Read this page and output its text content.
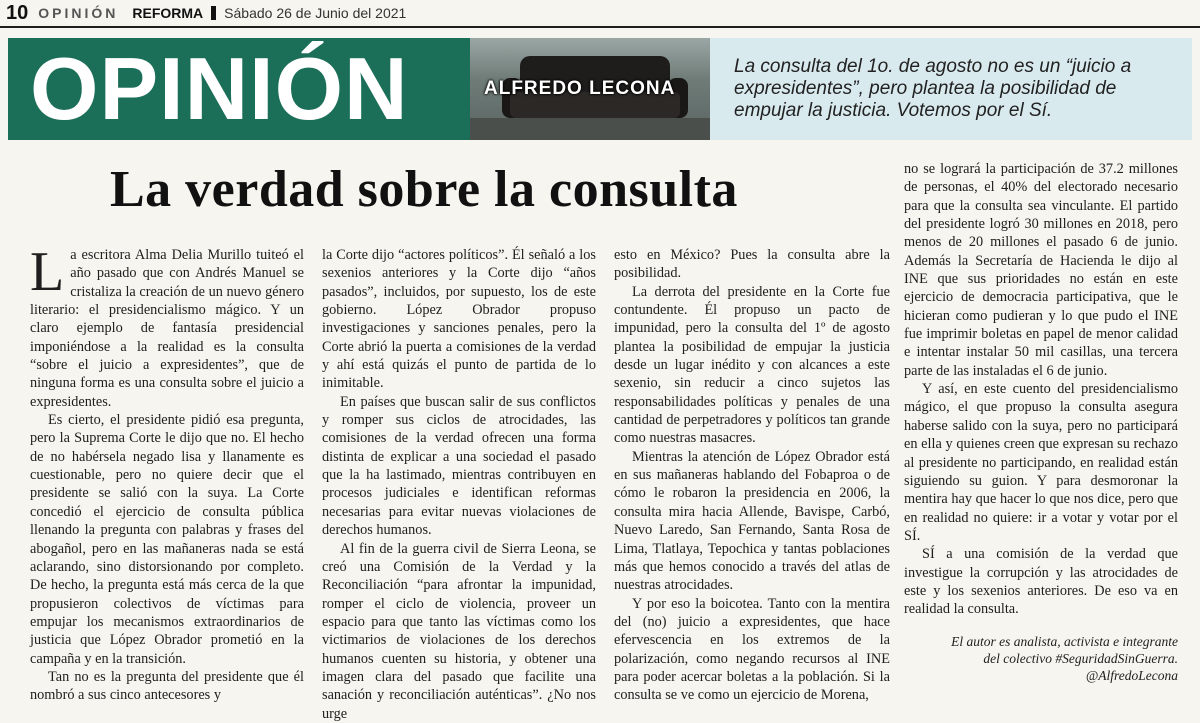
10 OPINIÓN REFORMA Sábado 26 de Junio del 2021
OPINIÓN	ALFREDO LECONA
La consulta del 1o. de agosto no es un “juicio a expresidentes”, pero plantea la posibilidad de empujar la justicia. Votemos por el Sí.
La verdad sobre la consulta

La escritora Alma Delia Murillo tuiteó el año pasado que con Andrés Manuel se cristaliza la creación de un nuevo género literario: el presidencialismo mágico. Y un claro ejemplo de fantasía presidencial imponiéndose a la realidad es la consulta “sobre el juicio a expresidentes”, que de ninguna forma es una consulta sobre el juicio a expresidentes.

Es cierto, el presidente pidió esa pregunta, pero la Suprema Corte le dijo que no. El hecho de no habérsela negado lisa y llanamente es cuestionable, pero no quiere decir que el presidente se salió con la suya. La Corte concedió el ejercicio de consulta pública llenando la pregunta con palabras y frases del abogañol, pero en las mañaneras nada se está aclarando, sino distorsionando por completo. De hecho, la pregunta está más cerca de la que propusieron colectivos de víctimas para empujar los mecanismos extraordinarios de justicia que López Obrador prometió en la campaña y en la transición.

Tan no es la pregunta del presidente que él nombró a sus cinco antecesores y

la Corte dijo “actores políticos”. Él señaló a los sexenios anteriores y la Corte dijo “años pasados”, incluidos, por supuesto, los de este gobierno. López Obrador propuso investigaciones y sanciones penales, pero la Corte abrió la puerta a comisiones de la verdad y ahí está quizás el punto de partida de lo inimitable.

En países que buscan salir de sus conflictos y romper sus ciclos de atrocidades, las comisiones de la verdad ofrecen una forma distinta de explicar a una sociedad el pasado que la ha lastimado, mientras contribuyen en procesos judiciales e identifican reformas necesarias para evitar nuevas violaciones de derechos humanos.

Al fin de la guerra civil de Sierra Leona, se creó una Comisión de la Verdad y la Reconciliación “para afrontar la impunidad, romper el ciclo de violencia, proveer un espacio para que tanto las víctimas como los victimarios de violaciones de los derechos humanos cuenten su historia, y obtener una imagen clara del pasado que facilite una sanación y reconciliación auténticas”. ¿No nos urge

esto en México? Pues la consulta abre la posibilidad.

La derrota del presidente en la Corte fue contundente. Él propuso un pacto de impunidad, pero la consulta del 1º de agosto plantea la posibilidad de empujar la justicia desde un lugar inédito y con alcances a este sexenio, sin reducir a cinco sujetos las responsabilidades políticas y penales de una cantidad de perpetradores y políticos tan grande como nuestras masacres.

Mientras la atención de López Obrador está en sus mañaneras hablando del Fobaproa o de cómo le robaron la presidencia en 2006, la consulta mira hacia Allende, Bavispe, Carbó, Nuevo Laredo, San Fernando, Santa Rosa de Lima, Tlatlaya, Tepochica y tantas poblaciones más que hemos conocido a través del atlas de nuestras atrocidades.

Y por eso la boicotea. Tanto con la mentira del (no) juicio a expresidentes, que hace efervescencia en los extremos de la polarización, como negando recursos al INE para poder acercar boletas a la población. Si la consulta se ve como un ejercicio de Morena,

no se logrará la participación de 37.2 millones de personas, el 40% del electorado necesario para que la consulta sea vinculante. El partido del presidente logró 30 millones en 2018, pero menos de 20 millones el pasado 6 de junio. Además la Secretaría de Hacienda le dijo al INE que sus prioridades no están en este ejercicio de democracia participativa, que le hicieran como pudieran y lo que pudo el INE fue imprimir boletas en papel de menor calidad e intentar instalar 50 mil casillas, una tercera parte de las instaladas el 6 de junio.

Y así, en este cuento del presidencialismo mágico, el que propuso la consulta asegura haberse salido con la suya, pero no participará en ella y quienes creen que expresan su rechazo al presidente no participando, en realidad están siguiendo su guion. Y para desmoronar la mentira hay que hacer lo que nos dice, pero que en realidad no quiere: ir a votar y votar por el SÍ.

SÍ a una comisión de la verdad que investigue la corrupción y las atrocidades de este y los sexenios anteriores. De eso va en realidad la consulta.

El autor es analista, activista e integrante
del colectivo #SeguridadSinGuerra.
@AlfredoLecona
